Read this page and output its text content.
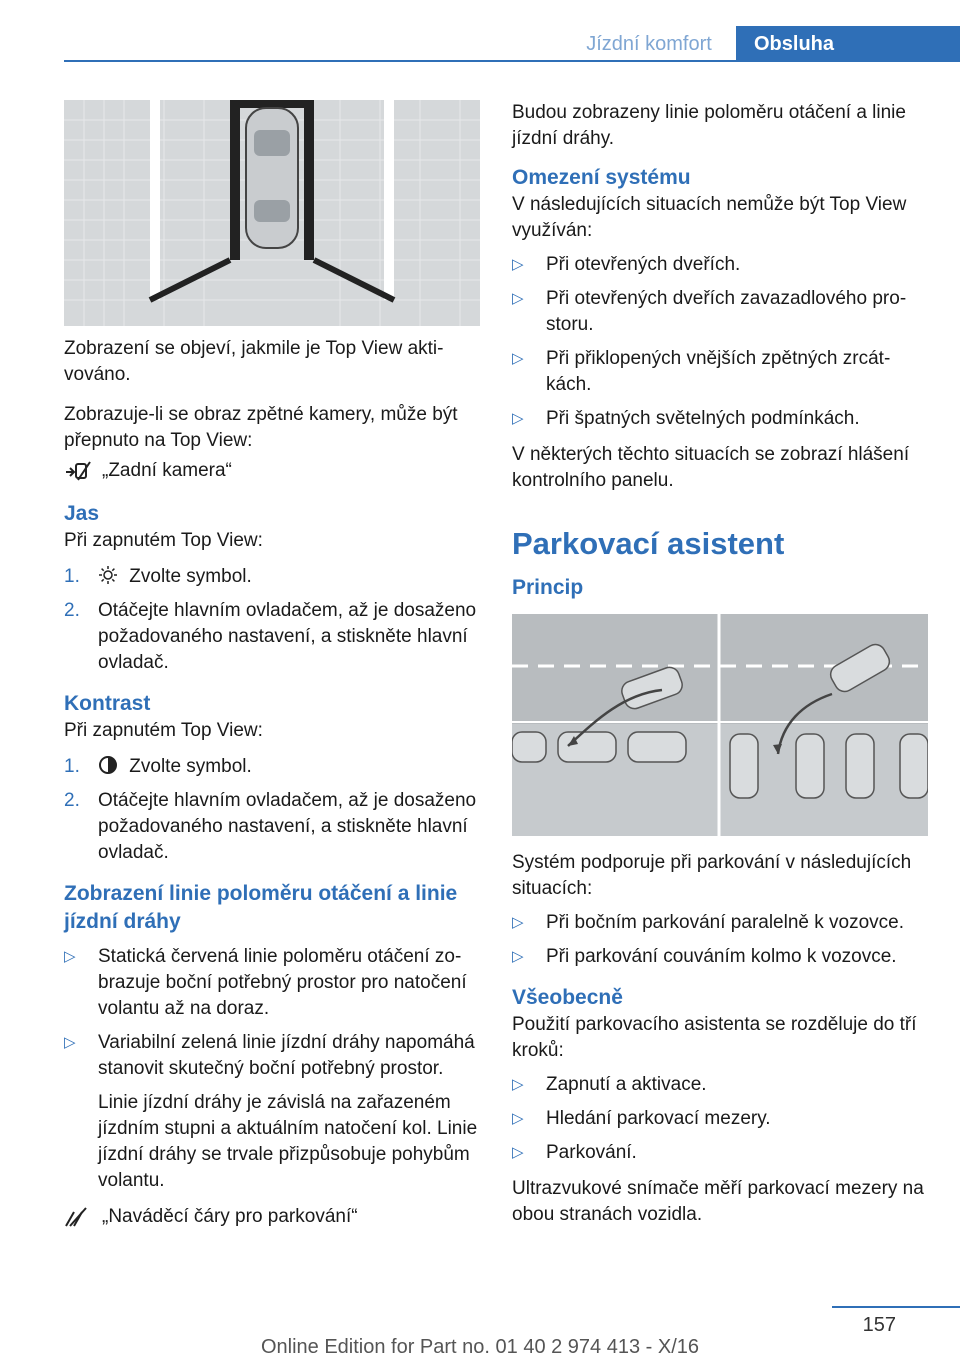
Jízdní komfort	Obsluha

Zobrazení se objeví, jakmile je Top View aktivováno.

Zobrazuje-li se obraz zpětné kamery, může být přepnuto na Top View:

„Zadní kamera“
Jas

Při zapnutém Top View:

1.	Zvolte symbol.
2. Otáčejte hlavním ovladačem, až je dosaženo požadovaného nastavení, a stiskněte hlavní ovladač.
Kontrast

Při zapnutém Top View:

1.	Zvolte symbol.
2. Otáčejte hlavním ovladačem, až je dosaženo požadovaného nastavení, a stiskněte hlavní ovladač.
Zobrazení linie poloměru otáčení a linie jízdní dráhy
▷ Statická červená linie poloměru otáčení zobrazuje boční potřebný prostor pro natočení volantu až na doraz.
▷ Variabilní zelená linie jízdní dráhy napomáhá stanovit skutečný boční potřebný prostor.
Linie jízdní dráhy je závislá na zařazeném jízdním stupni a aktuálním natočení kol. Linie jízdní dráhy se trvale přizpůsobuje pohybům volantu.
„Naváděcí čáry pro parkování“

Budou zobrazeny linie poloměru otáčení a linie jízdní dráhy.

Omezení systému

V následujících situacích nemůže být Top View využíván:

▷ Při otevřených dveřích.
▷ Při otevřených dveřích zavazadlového prostoru.
▷ Při přiklopených vnějších zpětných zrcátkách.
▷ Při špatných světelných podmínkách.

V některých těchto situacích se zobrazí hlášení kontrolního panelu.

Parkovací asistent
Princip

Systém podporuje při parkování v následujících situacích:

▷ Při bočním parkování paralelně k vozovce.
▷ Při parkování couváním kolmo k vozovce.
Všeobecně

Použití parkovacího asistenta se rozděluje do tří kroků:

▷ Zapnutí a aktivace.
▷ Hledání parkovací mezery.
▷ Parkování.

Ultrazvukové snímače měří parkovací mezery na obou stranách vozidla.

157
Online Edition for Part no. 01 40 2 974 413 - X/16
